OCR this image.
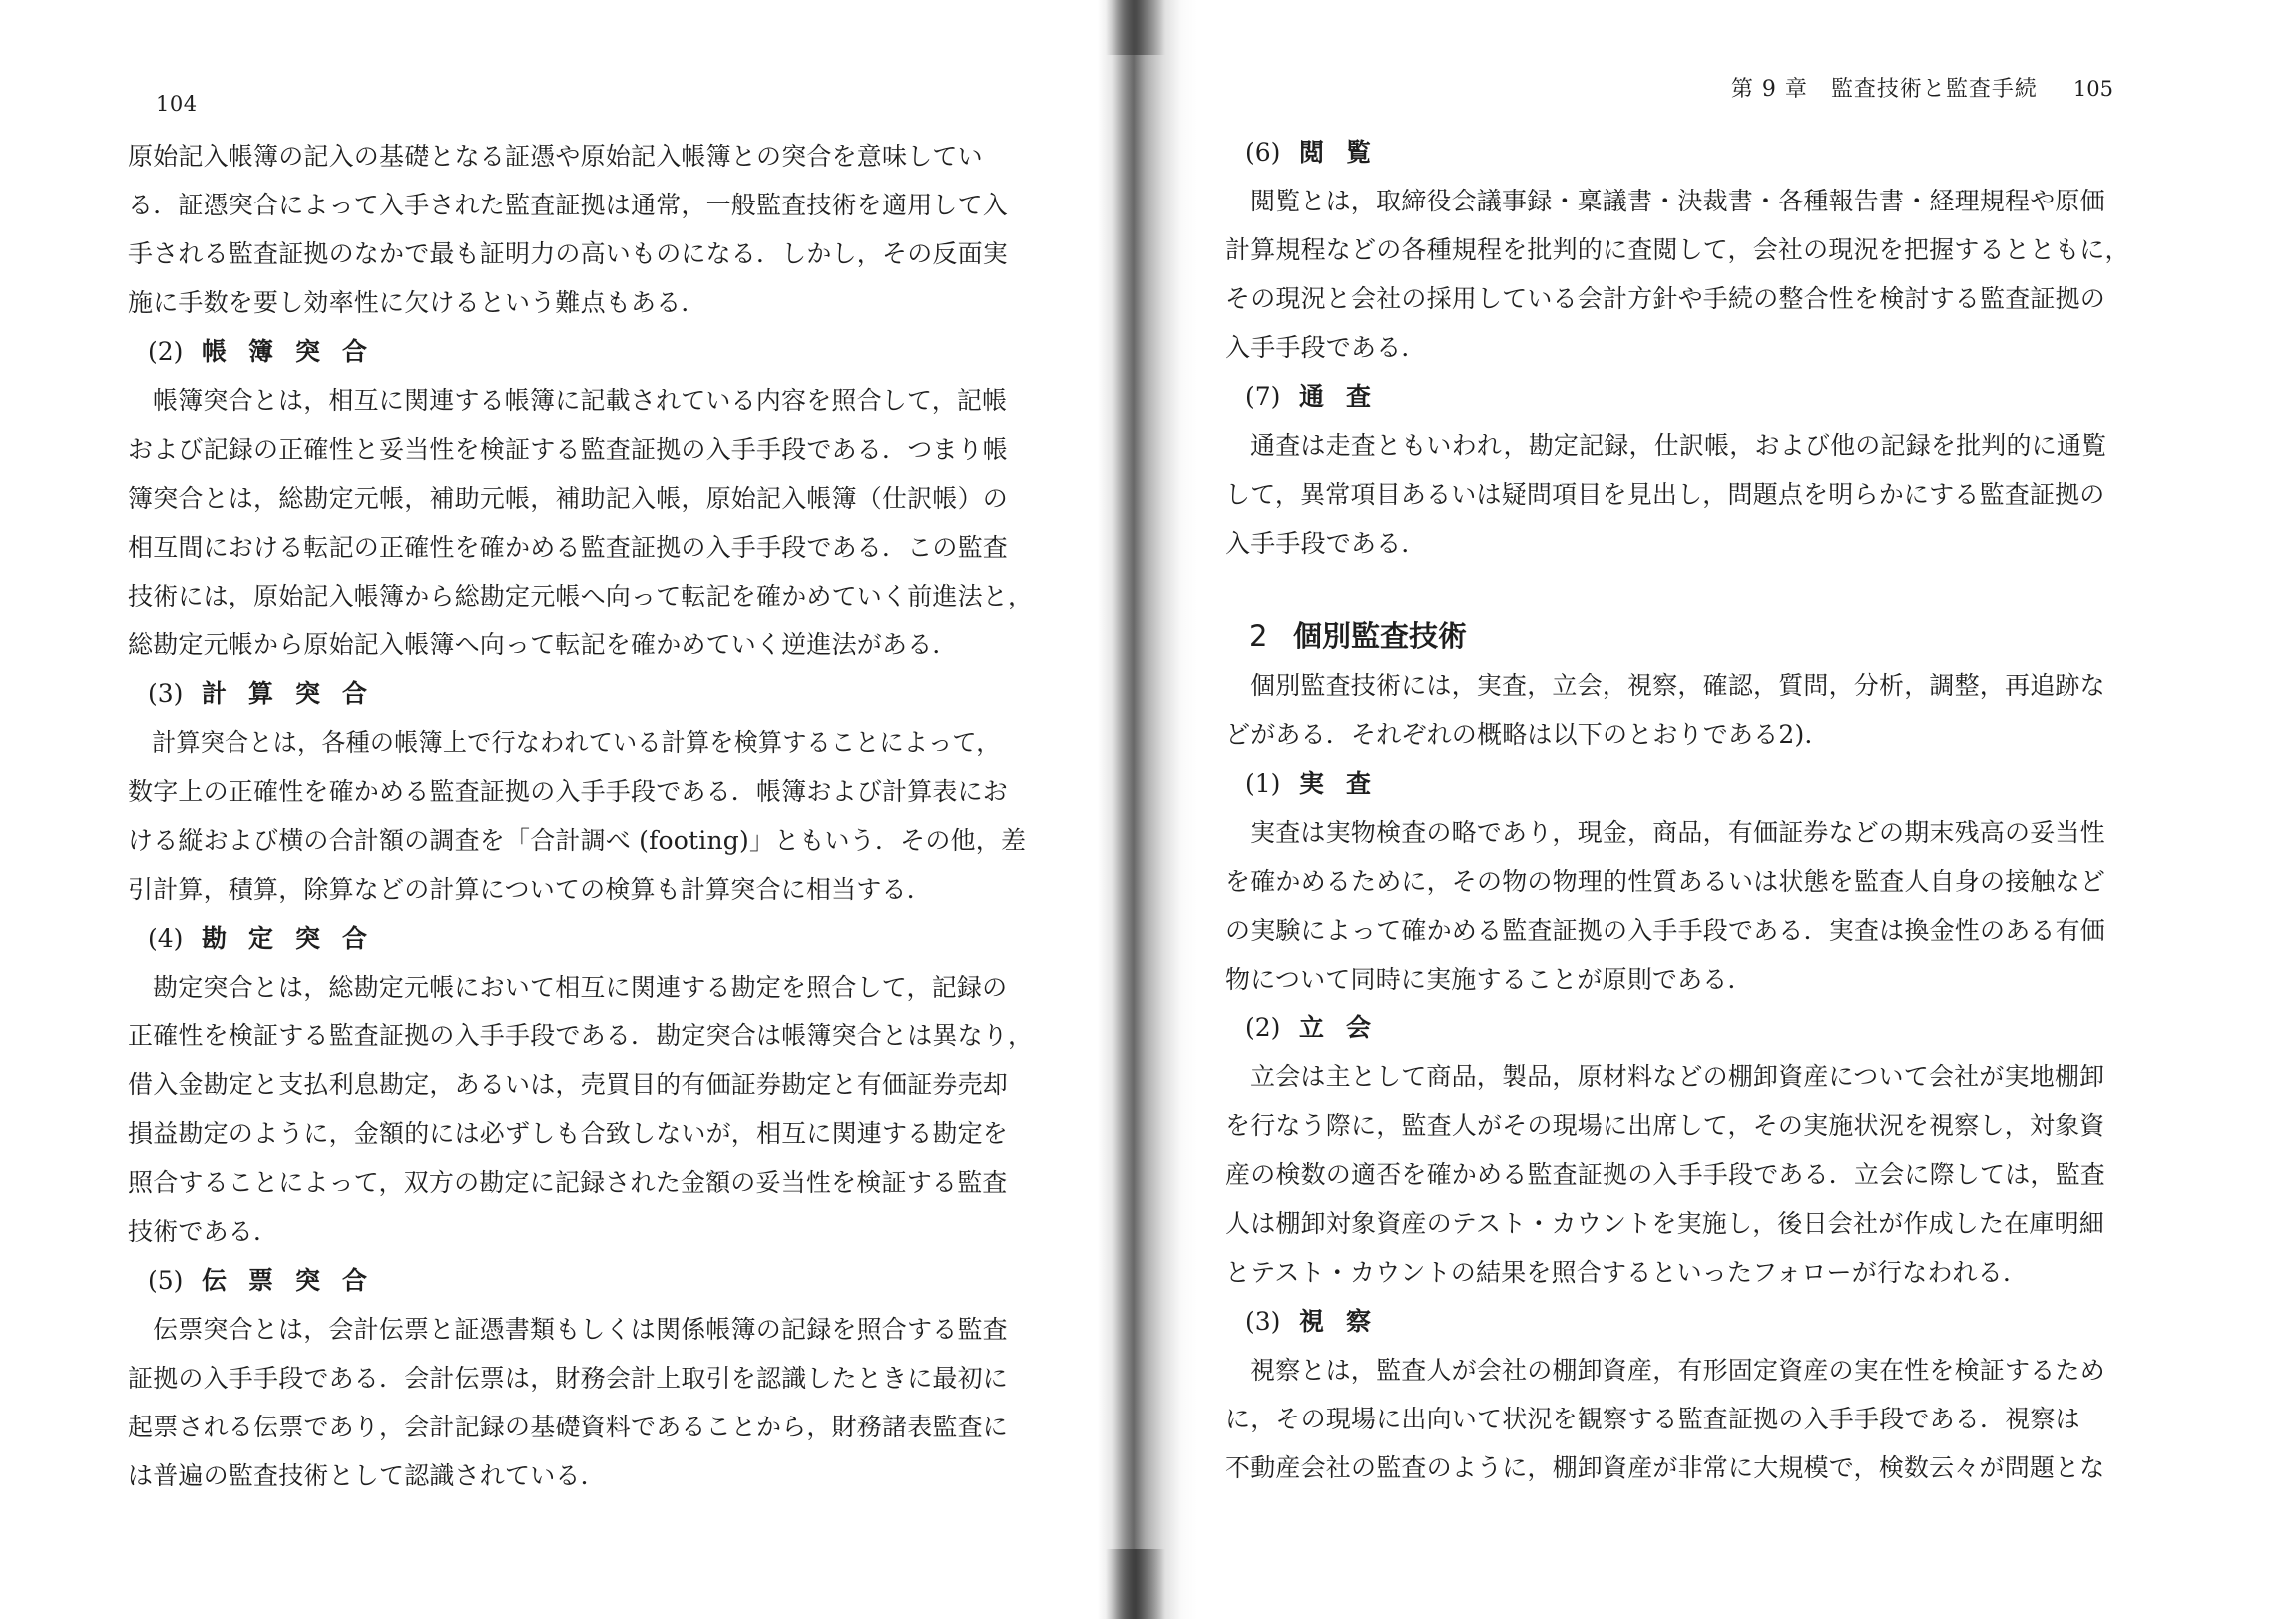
104
原始記入帳簿の記入の基礎となる証憑や原始記入帳簿との突合を意味してい
る．証憑突合によって入手された監査証拠は通常，一般監査技術を適用して入
手される監査証拠のなかで最も証明力の高いものになる．しかし，その反面実
施に手数を要し効率性に欠けるという難点もある．
(2) 帳簿突合
帳簿突合とは，相互に関連する帳簿に記載されている内容を照合して，記帳
および記録の正確性と妥当性を検証する監査証拠の入手手段である．つまり帳
簿突合とは，総勘定元帳，補助元帳，補助記入帳，原始記入帳簿（仕訳帳）の
相互間における転記の正確性を確かめる監査証拠の入手手段である．この監査
技術には，原始記入帳簿から総勘定元帳へ向って転記を確かめていく前進法と，
総勘定元帳から原始記入帳簿へ向って転記を確かめていく逆進法がある．
(3) 計算突合
計算突合とは，各種の帳簿上で行なわれている計算を検算することによって，
数字上の正確性を確かめる監査証拠の入手手段である．帳簿および計算表にお
ける縦および横の合計額の調査を「合計調べ (footing)」ともいう．その他，差
引計算，積算，除算などの計算についての検算も計算突合に相当する．
(4) 勘定突合
勘定突合とは，総勘定元帳において相互に関連する勘定を照合して，記録の
正確性を検証する監査証拠の入手手段である．勘定突合は帳簿突合とは異なり，
借入金勘定と支払利息勘定，あるいは，売買目的有価証券勘定と有価証券売却
損益勘定のように，金額的には必ずしも合致しないが，相互に関連する勘定を
照合することによって，双方の勘定に記録された金額の妥当性を検証する監査
技術である．
(5) 伝票突合
伝票突合とは，会計伝票と証憑書類もしくは関係帳簿の記録を照合する監査
証拠の入手手段である．会計伝票は，財務会計上取引を認識したときに最初に
起票される伝票であり，会計記録の基礎資料であることから，財務諸表監査に
は普遍の監査技術として認識されている．
第 9 章　監査技術と監査手続 105
(6) 閲覧
閲覧とは，取締役会議事録・稟議書・決裁書・各種報告書・経理規程や原価
計算規程などの各種規程を批判的に査閲して，会社の現況を把握するとともに，
その現況と会社の採用している会計方針や手続の整合性を検討する監査証拠の
入手手段である．
(7) 通査
通査は走査ともいわれ，勘定記録，仕訳帳，および他の記録を批判的に通覧
して，異常項目あるいは疑問項目を見出し，問題点を明らかにする監査証拠の
入手手段である．
2 個別監査技術
個別監査技術には，実査，立会，視察，確認，質問，分析，調整，再追跡な
どがある．それぞれの概略は以下のとおりである2)．
(1) 実査
実査は実物検査の略であり，現金，商品，有価証券などの期末残高の妥当性
を確かめるために，その物の物理的性質あるいは状態を監査人自身の接触など
の実験によって確かめる監査証拠の入手手段である．実査は換金性のある有価
物について同時に実施することが原則である．
(2) 立会
立会は主として商品，製品，原材料などの棚卸資産について会社が実地棚卸
を行なう際に，監査人がその現場に出席して，その実施状況を視察し，対象資
産の検数の適否を確かめる監査証拠の入手手段である．立会に際しては，監査
人は棚卸対象資産のテスト・カウントを実施し，後日会社が作成した在庫明細
とテスト・カウントの結果を照合するといったフォローが行なわれる．
(3) 視察
視察とは，監査人が会社の棚卸資産，有形固定資産の実在性を検証するため
に，その現場に出向いて状況を観察する監査証拠の入手手段である．視察は
不動産会社の監査のように，棚卸資産が非常に大規模で，検数云々が問題とな
